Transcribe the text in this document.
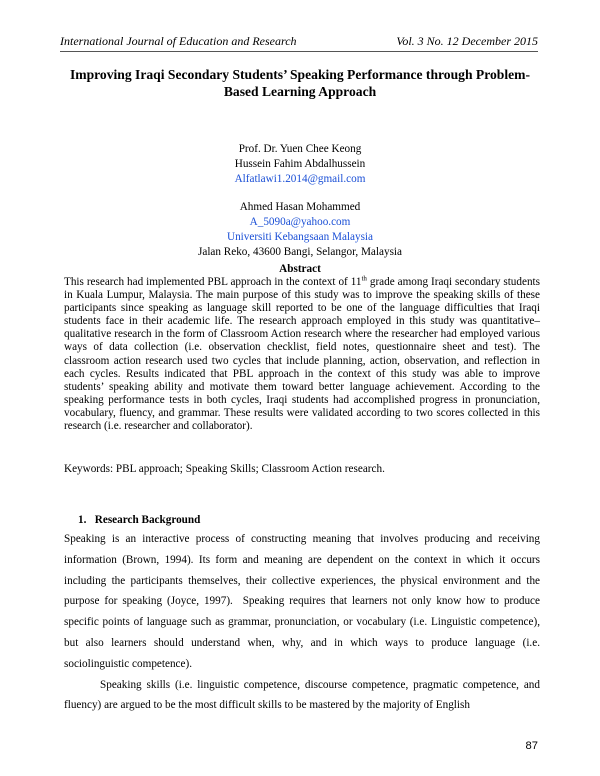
International Journal of Education and Research	Vol. 3 No. 12 December 2015
Improving Iraqi Secondary Students’ Speaking Performance through Problem-Based Learning Approach
Prof. Dr. Yuen Chee Keong
Hussein Fahim Abdalhussein
Alfatlawi1.2014@gmail.com
Ahmed Hasan Mohammed
A_5090a@yahoo.com
Universiti Kebangsaan Malaysia
Jalan Reko, 43600 Bangi, Selangor, Malaysia
Abstract
This research had implemented PBL approach in the context of 11th grade among Iraqi secondary students in Kuala Lumpur, Malaysia. The main purpose of this study was to improve the speaking skills of these participants since speaking as language skill reported to be one of the language difficulties that Iraqi students face in their academic life. The research approach employed in this study was quantitative–qualitative research in the form of Classroom Action research where the researcher had employed various ways of data collection (i.e. observation checklist, field notes, questionnaire sheet and test). The classroom action research used two cycles that include planning, action, observation, and reflection in each cycles. Results indicated that PBL approach in the context of this study was able to improve students’ speaking ability and motivate them toward better language achievement. According to the speaking performance tests in both cycles, Iraqi students had accomplished progress in pronunciation, vocabulary, fluency, and grammar. These results were validated according to two scores collected in this research (i.e. researcher and collaborator).
Keywords: PBL approach; Speaking Skills; Classroom Action research.
1.   Research Background

Speaking is an interactive process of constructing meaning that involves producing and receiving information (Brown, 1994). Its form and meaning are dependent on the context in which it occurs including the participants themselves, their collective experiences, the physical environment and the purpose for speaking (Joyce, 1997).  Speaking requires that learners not only know how to produce specific points of language such as grammar, pronunciation, or vocabulary (i.e. Linguistic competence), but also learners should understand when, why, and in which ways to produce language (i.e. sociolinguistic competence).

Speaking skills (i.e. linguistic competence, discourse competence, pragmatic competence, and fluency) are argued to be the most difficult skills to be mastered by the majority of English

87
